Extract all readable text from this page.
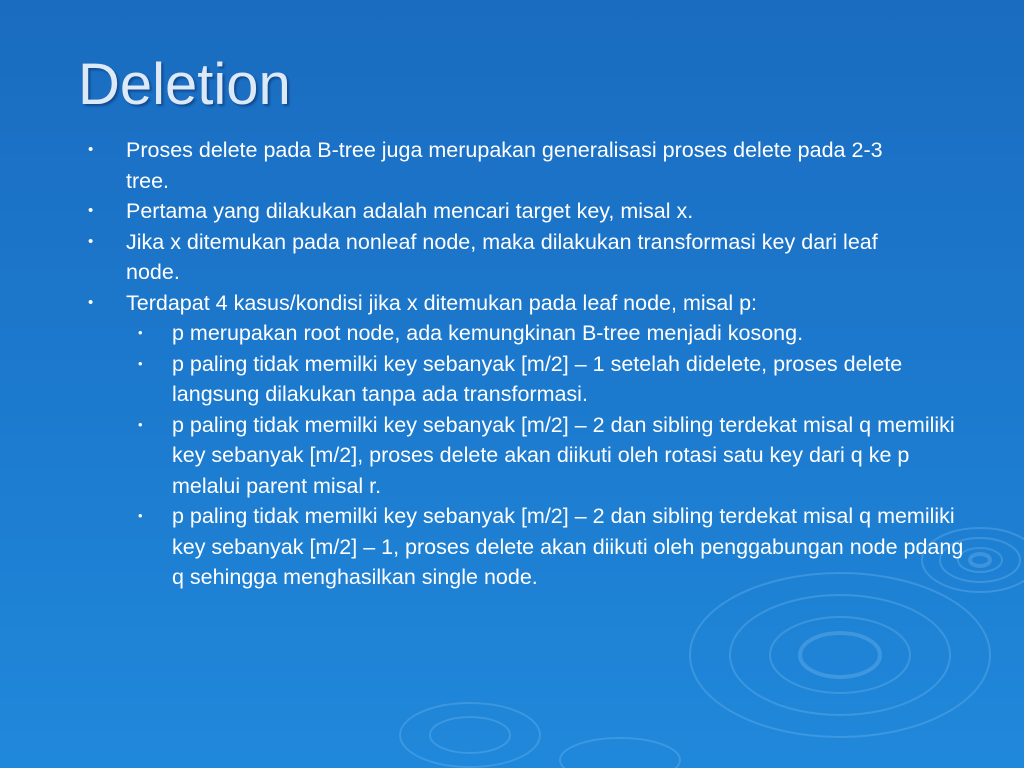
Deletion
• Proses delete pada B-tree juga merupakan generalisasi proses delete pada 2-3 tree.
• Pertama yang dilakukan adalah mencari target key, misal x.
• Jika x ditemukan pada nonleaf node, maka dilakukan transformasi key dari leaf node.
• Terdapat 4 kasus/kondisi jika x ditemukan pada leaf node, misal p:
• p merupakan root node, ada kemungkinan B-tree menjadi kosong.
• p paling tidak memilki key sebanyak [m/2] – 1 setelah didelete, proses delete langsung dilakukan tanpa ada transformasi.
• p paling tidak memilki key sebanyak [m/2] – 2 dan sibling terdekat misal q memiliki key sebanyak [m/2], proses delete akan diikuti oleh rotasi satu key dari q ke p melalui parent misal r.
• p paling tidak memilki key sebanyak [m/2] – 2 dan sibling terdekat misal q memiliki key sebanyak [m/2] – 1, proses delete akan diikuti oleh penggabungan node pdang q sehingga menghasilkan single node.
